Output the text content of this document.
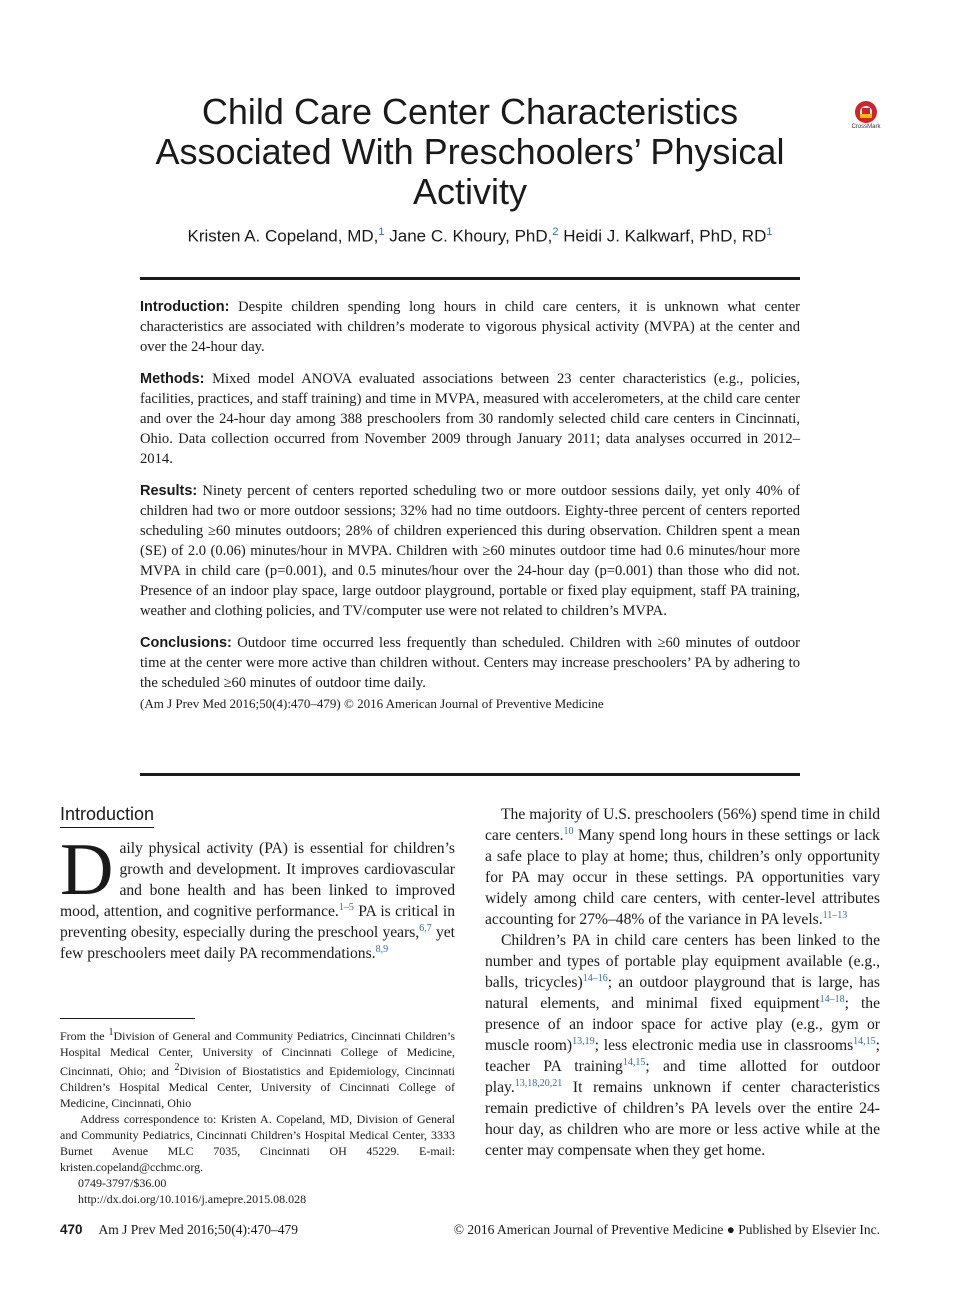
Child Care Center Characteristics Associated With Preschoolers’ Physical Activity
CrossMark
Kristen A. Copeland, MD,$^1$ Jane C. Khoury, PhD,$^2$ Heidi J. Kalkwarf, PhD, $RD^1$

Introduction: Despite children spending long hours in child care centers, it is unknown what center characteristics are associated with children’s moderate to vigorous physical activity (MVPA) at the center and over the 24-hour day.

Methods: Mixed model ANOVA evaluated associations between 23 center characteristics (e.g., policies, facilities, practices, and staff training) and time in MVPA, measured with accelerometers, at the child care center and over the 24-hour day among 388 preschoolers from 30 randomly selected child care centers in Cincinnati, Ohio. Data collection occurred from November 2009 through January 2011; data analyses occurred in 2012–2014.

Results: Ninety percent of centers reported scheduling two or more outdoor sessions daily, yet only 40% of children had two or more outdoor sessions; 32% had no time outdoors. Eighty-three percent of centers reported scheduling ≥60 minutes outdoors; 28% of children experienced this during observation. Children spent a mean (SE) of 2.0 (0.06) minutes/hour in MVPA. Children with ≥60 minutes outdoor time had 0.6 minutes/hour more MVPA in child care (p=0.001), and 0.5 minutes/hour over the 24-hour day (p=0.001) than those who did not. Presence of an indoor play space, large outdoor playground, portable or fixed play equipment, staff PA training, weather and clothing policies, and TV/computer use were not related to children’s MVPA.

Conclusions: Outdoor time occurred less frequently than scheduled. Children with ≥60 minutes of outdoor time at the center were more active than children without. Centers may increase preschoolers’ PA by adhering to the scheduled ≥60 minutes of outdoor time daily.

(Am J Prev Med 2016;50(4):470–479) © 2016 American Journal of Preventive Medicine

Introduction

Daily physical activity (PA) is essential for children’s growth and development. It improves cardiovascular and bone health and has been linked to improved mood, attention, and cognitive performance.$^{1-5}$ PA is critical in preventing obesity, especially during the preschool years,$^{6,7}$ yet few preschoolers meet daily PA recommendations.$^{8,9}$

From the $^1$Division of General and Community Pediatrics, Cincinnati Children’s Hospital Medical Center, University of Cincinnati College of Medicine, Cincinnati, Ohio; and $^2$Division of Biostatistics and Epidemiology, Cincinnati Children’s Hospital Medical Center, University of Cincinnati College of Medicine, Cincinnati, Ohio

Address correspondence to: Kristen A. Copeland, MD, Division of General and Community Pediatrics, Cincinnati Children’s Hospital Medical Center, 3333 Burnet Avenue MLC 7035, Cincinnati OH 45229. E-mail: kristen.copeland@cchmc.org.

0749-3797/$36.00

http://dx.doi.org/10.1016/j.amepre.2015.08.028

The majority of U.S. preschoolers (56%) spend time in child care centers.$^{10}$ Many spend long hours in these settings or lack a safe place to play at home; thus, children’s only opportunity for PA may occur in these settings. PA opportunities vary widely among child care centers, with center-level attributes accounting for 27%–48% of the variance in PA levels.$^{11-13}$

Children’s PA in child care centers has been linked to the number and types of portable play equipment available (e.g., balls, tricycles)$^{14-16}$; an outdoor playground that is large, has natural elements, and minimal fixed equipment$^{14-18}$; the presence of an indoor space for active play (e.g., gym or muscle room)$^{13,19}$; less electronic media use in classrooms$^{14,15}$; teacher PA training$^{14,15}$; and time allotted for outdoor play.$^{13,18,20,21}$ It remains unknown if center characteristics remain predictive of children’s PA levels over the entire 24-hour day, as children who are more or less active while at the center may compensate when they get home.

470 Am J Prev Med 2016;50(4):470–479	© 2016 American Journal of Preventive Medicine ● Published by Elsevier Inc.
